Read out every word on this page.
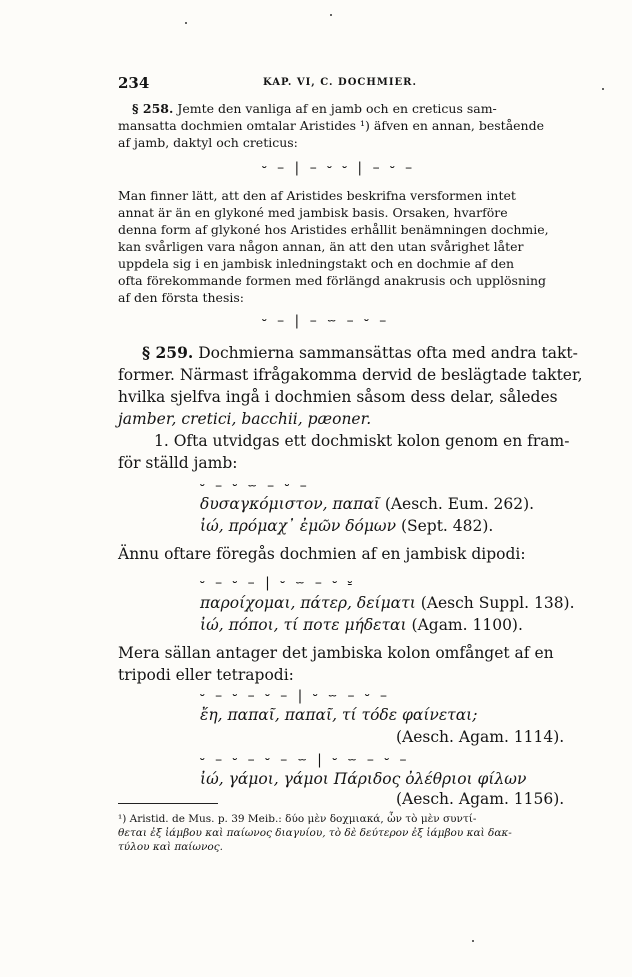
234	KAP. VI, C. DOCHMIER.
§ 258. Jemte den vanliga af en jamb och en creticus sam-
mansatta dochmien omtalar Aristides ¹) äfven en annan, bestående
af jamb, daktyl och creticus:
⏑ – | – ⏑ ⏑ | – ⏑ –
Man finner lätt, att den af Aristides beskrifna versformen intet
annat är än en glykoné med jambisk basis. Orsaken, hvarföre
denna form af glykoné hos Aristides erhållit benämningen dochmie,
kan svårligen vara någon annan, än att den utan svårighet låter
uppdela sig i en jambisk inledningstakt och en dochmie af den
ofta förekommande formen med förlängd anakrusis och upplösning
af den första thesis:
⏑ – | – ⏖ – ⏑ –
§ 259. Dochmierna sammansättas ofta med andra takt-
former. Närmast ifrågakomma dervid de beslägtade takter,
hvilka sjelfva ingå i dochmien såsom dess delar, således
jamber, cretici, bacchii, pæoner.
1. Ofta utvidgas ett dochmiskt kolon genom en fram-
för ställd jamb:
⏑ – ⏑ ⏖ – ⏑ –
δυσαγκόμιστον, παπαῖ (Aesch. Eum. 262).
ἰώ, πρόμαχ᾽ ἐμῶν δόμων (Sept. 482).
Ännu oftare föregås dochmien af en jambisk dipodi:
⏑ – ⏑ – | ⏑ ⏖ – ⏑ ⏓
παροίχομαι, πάτερ, δείματι (Aesch Suppl. 138).
ἰώ, πόποι, τί ποτε μήδεται (Agam. 1100).
Mera sällan antager det jambiska kolon omfånget af en
tripodi eller tetrapodi:
⏑ – ⏑ – ⏑ – | ⏑ ⏖ – ⏑ –
ἔη, παπαῖ, παπαῖ, τί τόδε φαίνεται;
(Aesch. Agam. 1114).
⏑ – ⏑ – ⏑ – ⏖ | ⏑ ⏖ – ⏑ –
ἰώ, γάμοι, γάμοι Πάριδος ὀλέθριοι φίλων
(Aesch. Agam. 1156).
¹) Aristid. de Mus. p. 39 Meib.: δύο μὲν δοχμιακά, ὧν τὸ μὲν συντί-
θεται ἐξ ἰάμβου καὶ παίωνος διαγυίου, τὸ δὲ δεύτερον ἐξ ἰάμβου καὶ δακ-
τύλου καὶ παίωνος.
